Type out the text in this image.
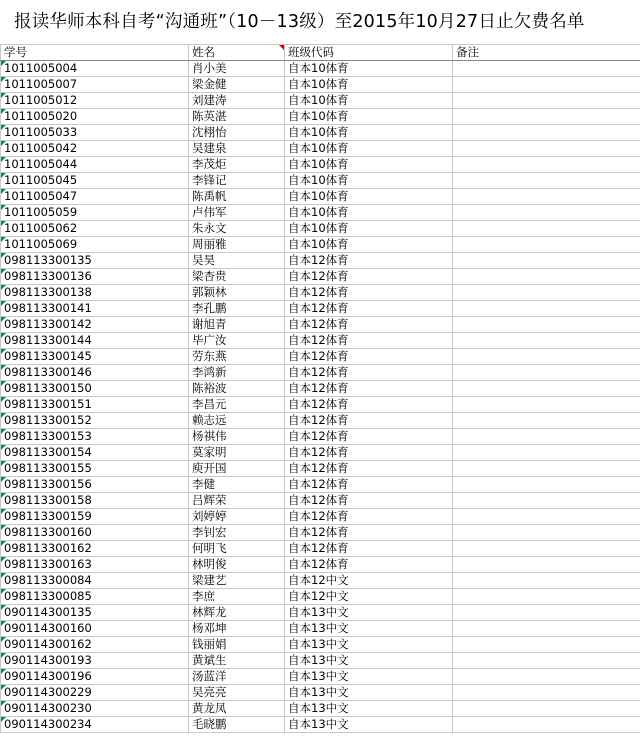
报读华师本科自考“沟通班”（10－13级）至2015年10月27日止欠费名单
学号	姓名	班级代码	备注

1011005004	肖小美	自本10体育	

1011005007	梁金健	自本10体育	

1011005012	刘建涛	自本10体育	

1011005020	陈英湛	自本10体育	

1011005033	沈栩怡	自本10体育	

1011005042	吴建泉	自本10体育	

1011005044	李茂炬	自本10体育	

1011005045	李锋记	自本10体育	

1011005047	陈禹帆	自本10体育	

1011005059	卢伟军	自本10体育	

1011005062	朱永文	自本10体育	

1011005069	周丽雅	自本10体育	

098113300135	吴昊	自本12体育	

098113300136	梁杏贵	自本12体育	

098113300138	郭颖林	自本12体育	

098113300141	李孔鹏	自本12体育	

098113300142	谢旭青	自本12体育	

098113300144	毕广汝	自本12体育	

098113300145	劳东燕	自本12体育	

098113300146	李鸿新	自本12体育	

098113300150	陈裕波	自本12体育	

098113300151	李昌元	自本12体育	

098113300152	赖志远	自本12体育	

098113300153	杨祺伟	自本12体育	

098113300154	莫家明	自本12体育	

098113300155	庾开国	自本12体育	

098113300156	李健	自本12体育	

098113300158	吕辉荣	自本12体育	

098113300159	刘婷婷	自本12体育	

098113300160	李钊宏	自本12体育	

098113300162	何明飞	自本12体育	

098113300163	林明俊	自本12体育	

098113300084	梁建艺	自本12中文	

098113300085	李庶	自本12中文	

090114300135	林辉龙	自本13中文	

090114300160	杨邓坤	自本13中文	

090114300162	钱丽娟	自本13中文	

090114300193	黄斌生	自本13中文	

090114300196	汤蓝洋	自本13中文	

090114300229	吴亮亮	自本13中文	

090114300230	黄龙凤	自本13中文	

090114300234	毛晓鹏	自本13中文	
